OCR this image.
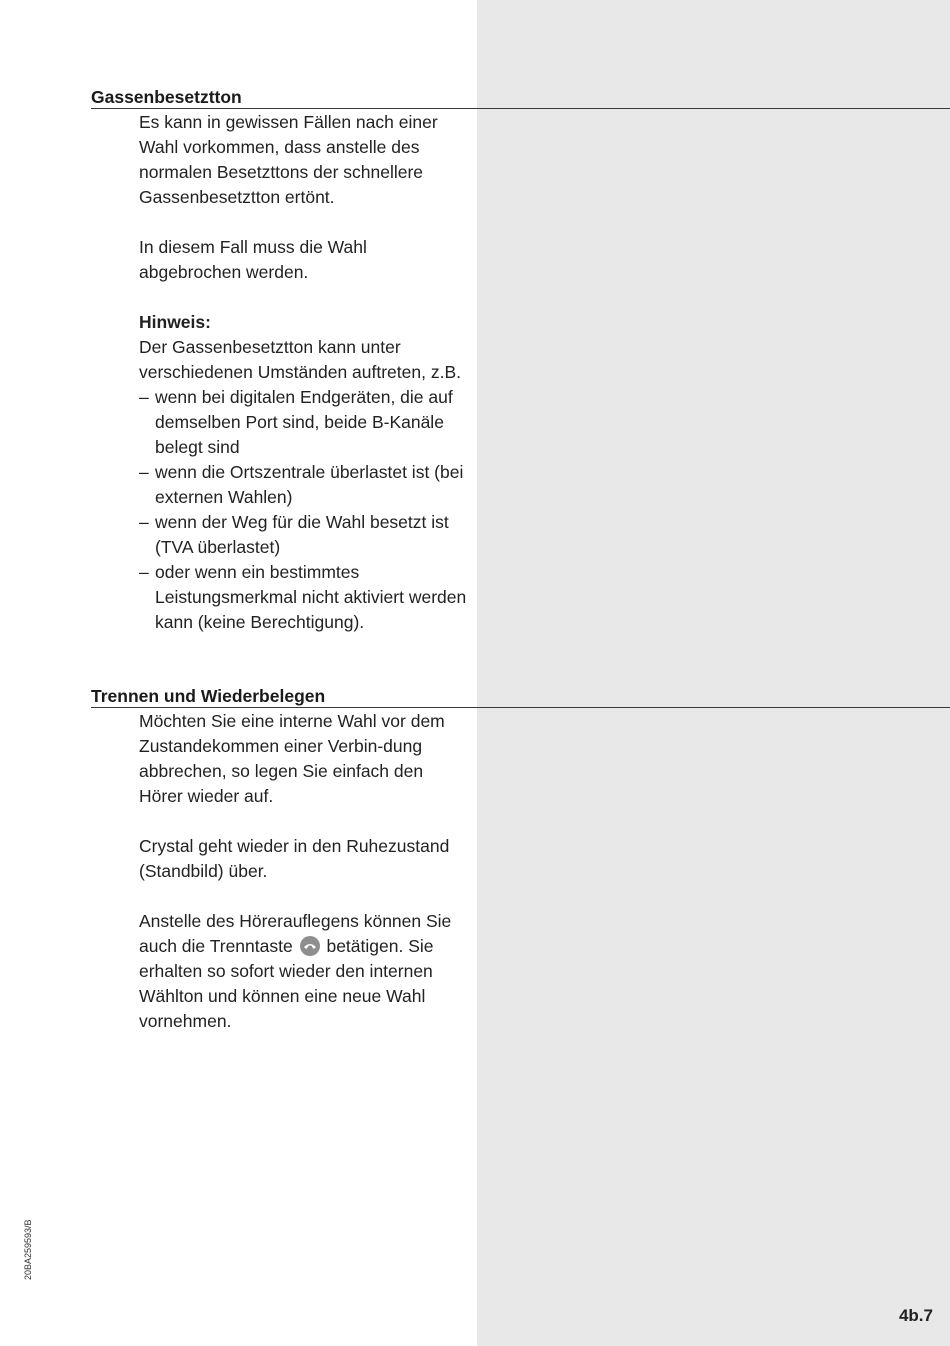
Gassenbesetztton

Es kann in gewissen Fällen nach einer Wahl vorkommen, dass anstelle des normalen Besetzttons der schnellere Gassenbesetztton ertönt.

In diesem Fall muss die Wahl abgebrochen werden.

Hinweis:
Der Gassenbesetztton kann unter verschiedenen Umständen auftreten, z.B.
– wenn bei digitalen Endgeräten, die auf demselben Port sind, beide B-Kanäle belegt sind
– wenn die Ortszentrale überlastet ist (bei externen Wahlen)
– wenn der Weg für die Wahl besetzt ist (TVA überlastet)
– oder wenn ein bestimmtes Leistungsmerkmal nicht aktiviert werden kann (keine Berechtigung).
Trennen und Wiederbelegen

Möchten Sie eine interne Wahl vor dem Zustandekommen einer Verbin-dung abbrechen, so legen Sie einfach den Hörer wieder auf.

Crystal geht wieder in den Ruhezustand (Standbild) über.

Anstelle des Hörerauflegens können Sie auch die Trenntaste betätigen. Sie erhalten so sofort wieder den internen Wählton und können eine neue Wahl vornehmen.

20BA259593/B
4b.7
